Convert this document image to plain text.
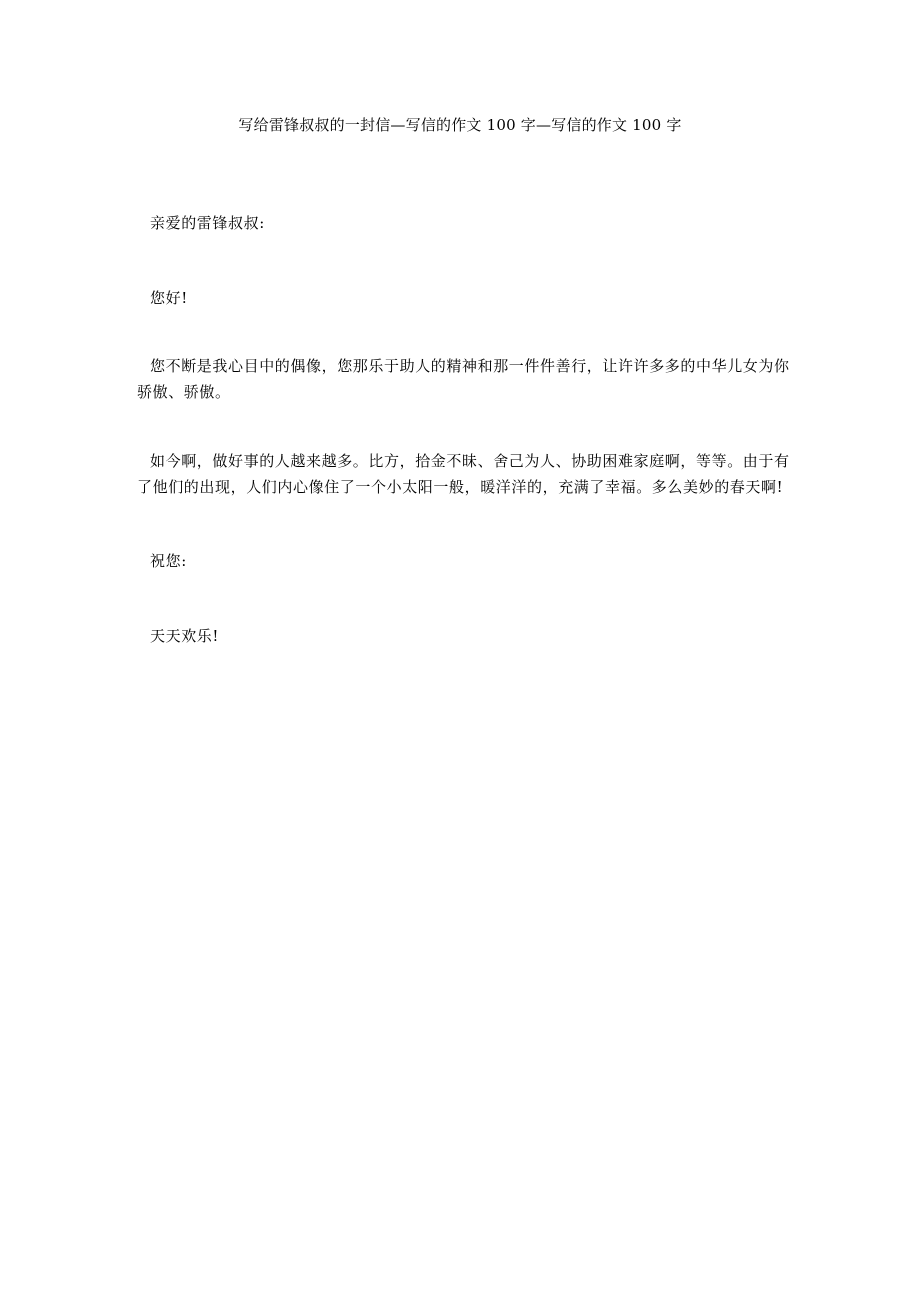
写给雷锋叔叔的一封信—写信的作文 100 字—写信的作文 100 字

亲爱的雷锋叔叔:

您好!

您不断是我心目中的偶像，您那乐于助人的精神和那一件件善行，让许许多多的中华儿女为你骄傲、骄傲。

如今啊，做好事的人越来越多。比方，拾金不昧、舍己为人、协助困难家庭啊，等等。由于有了他们的出现，人们内心像住了一个小太阳一般，暖洋洋的，充满了幸福。多么美妙的春天啊!

祝您:

天天欢乐!
